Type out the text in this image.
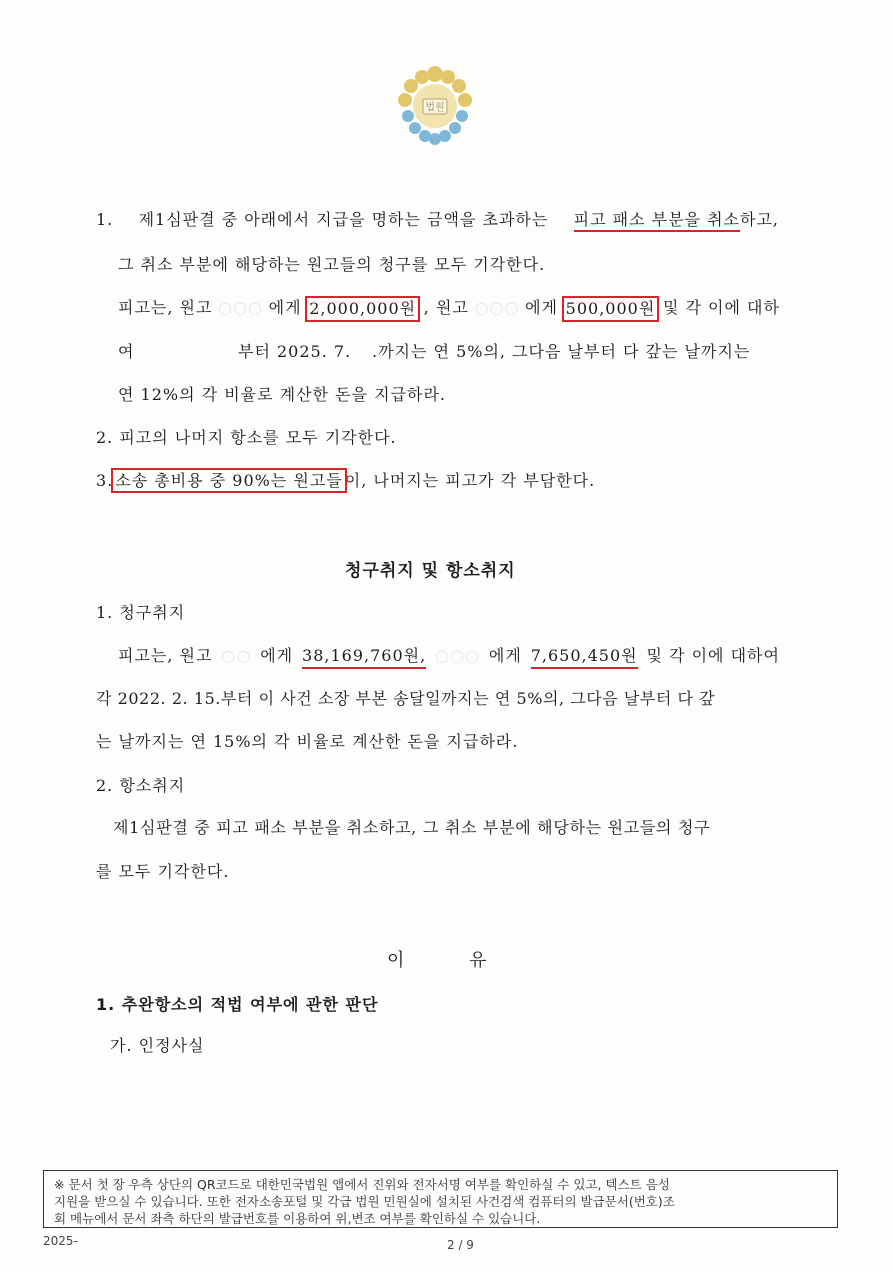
법원
1. 제1심판결 중 아래에서 지급을 명하는 금액을 초과하는 피고 패소 부분을 취소하고,
그 취소 부분에 해당하는 원고들의 청구를 모두 기각한다.
피고는, 원고 ○○○ 에게 2,000,000원 , 원고 ○○○ 에게 500,000원 및 각 이에 대하
여	부터 2025. 7. .까지는 연 5%의, 그다음 날부터 다 갚는 날까지는
연 12%의 각 비율로 계산한 돈을 지급하라.
2. 피고의 나머지 항소를 모두 기각한다.
3. 소송 총비용 중 90%는 원고들 이, 나머지는 피고가 각 부담한다.
청구취지 및 항소취지
1. 청구취지
피고는, 원고 ○○ 에게 38,169,760원, ○○○ 에게 7,650,450원 및 각 이에 대하여
각 2022. 2. 15.부터 이 사건 소장 부본 송달일까지는 연 5%의, 그다음 날부터 다 갚
는 날까지는 연 15%의 각 비율로 계산한 돈을 지급하라.
2. 항소취지
제1심판결 중 피고 패소 부분을 취소하고, 그 취소 부분에 해당하는 원고들의 청구
를 모두 기각한다.
이	유
1. 추완항소의 적법 여부에 관한 판단
가. 인정사실
※ 문서 첫 장 우측 상단의 QR코드로 대한민국법원 앱에서 진위와 전자서명 여부를 확인하실 수 있고, 텍스트 음성
지원을 받으실 수 있습니다. 또한 전자소송포털 및 각급 법원 민원실에 설치된 사건검색 컴퓨터의 발급문서(번호)조
회 메뉴에서 문서 좌측 하단의 발급번호를 이용하여 위,변조 여부를 확인하실 수 있습니다.
2025-	2 / 9
